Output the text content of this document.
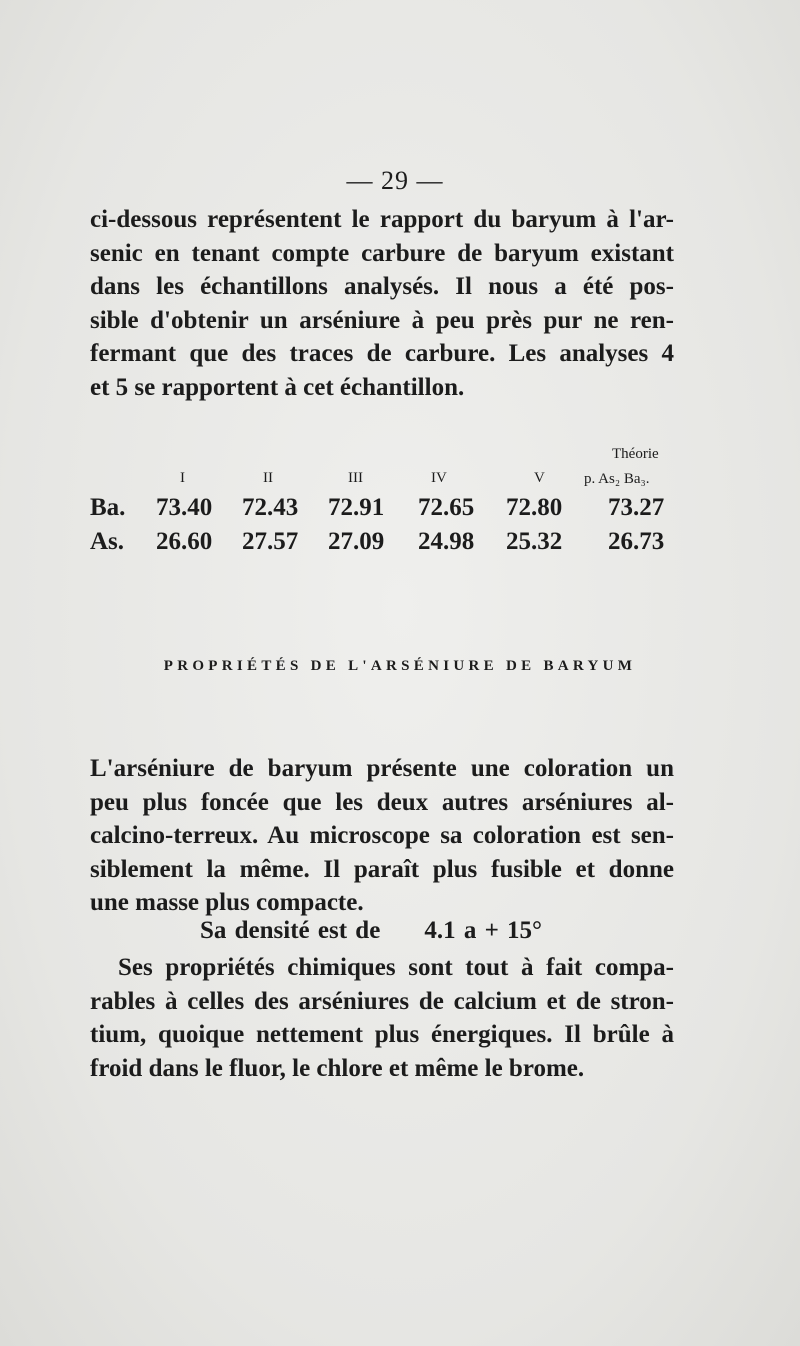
— 29 —
ci-dessous représentent le rapport du baryum à l'ar-
senic en tenant compte carbure de baryum existant
dans les échantillons analysés. Il nous a été pos-
sible d'obtenir un arséniure à peu près pur ne ren-
fermant que des traces de carbure. Les analyses 4
et 5 se rapportent à cet échantillon.
Théorie
p. As₂ Ba₃.
I	II	III	IV	V
Ba. 73.40 72.43 72.91 72.65 72.80 73.27
As. 26.60 27.57 27.09 24.98 25.32 26.73
PROPRIÉTÉS DE L'ARSÉNIURE DE BARYUM
L'arséniure de baryum présente une coloration un
peu plus foncée que les deux autres arséniures al-
calcino-terreux. Au microscope sa coloration est sen-
siblement la même. Il paraît plus fusible et donne
une masse plus compacte.
Sa densité est de 4.1 a + 15°
Ses propriétés chimiques sont tout à fait compa-
rables à celles des arséniures de calcium et de stron-
tium, quoique nettement plus énergiques. Il brûle à
froid dans le fluor, le chlore et même le brome.
